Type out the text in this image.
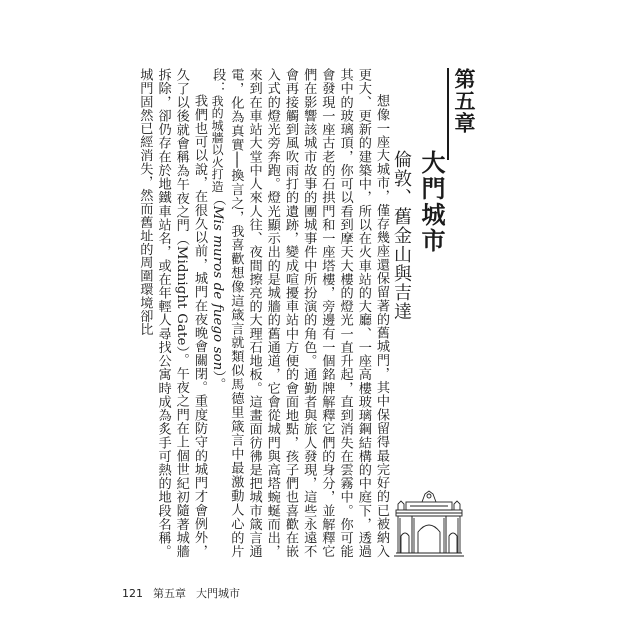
第五章
大門城市
倫敦、舊金山與吉達

想像一座大城市，僅存幾座還保留著的舊城門，其中保留得最完好的已被納入更大、更新的建築中，所以在火車站的大廳、一座高樓玻璃鋼結構的中庭下，透過其中的玻璃頂，你可以看到摩天大樓的燈光一直升起，直到消失在雲霧中。你可能會發現一座古老的石拱門和一座塔樓，旁邊有一個銘牌解釋它們的身分，並解釋它們在影響該城市故事的團城事件中所扮演的角色。通勤者與旅人發現，這些永遠不會再接觸到風吹雨打的遺跡，變成喧擾車站中方便的會面地點，孩子們也喜歡在嵌入式的燈光旁奔跑。燈光顯示出的是城牆的舊通道，它會從城門與高塔蜿蜒而出，來到在車站大堂中人來人往、夜間擦亮的大理石地板。這畫面彷彿是把城市箴言通電，化為真實──換言之，我喜歡想像這箴言就類似馬德里箴言中最激動人心的片段：我的城牆以火打造（Mis muros de fuego son）。

我們也可以說，在很久以前，城門在夜晚會關閉。重度防守的城門才會例外，久了以後就會稱為午夜之門（Midnight Gate）。午夜之門在上個世紀初隨著城牆拆除，卻仍存在於地鐵車站名，或在年輕人尋找公寓時成為炙手可熱的地段名稱。城門固然已經消失，然而舊址的周圍環境卻比

121 第五章 大門城市
